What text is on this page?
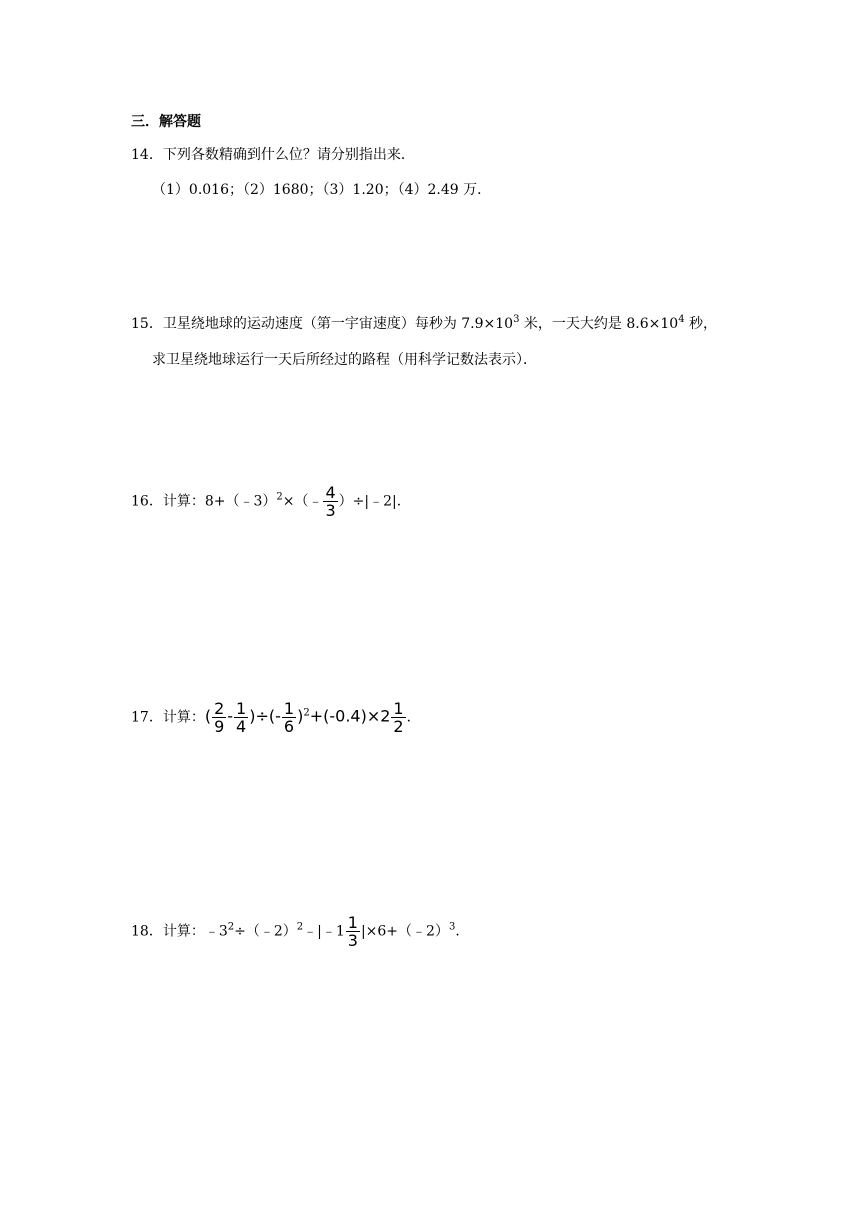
三．解答题
14．下列各数精确到什么位？请分别指出来．
（1）0.016；（2）1680；（3）1.20；（4）2.49 万．
15．卫星绕地球的运动速度（第一宇宙速度）每秒为 $7.9\times 10^3$ 米，一天大约是 $8.6\times 10^4$ 秒，
求卫星绕地球运行一天后所经过的路程（用科学记数法表示）．
16．计算：8+（﹣3）$^2$×（﹣ $\frac{4}{3}$ ）÷|﹣2|．
17．计算：( $\frac{2}{9} - \frac{1}{4}$ )÷(- $\frac{1}{6} )^2+(-0.4)\times 2 \frac{1}{2}$ ．
18．计算：$﹣3^2\div(﹣2)^2﹣|﹣1 \frac{1}{3}$ |×6+（﹣2）$^3$．
